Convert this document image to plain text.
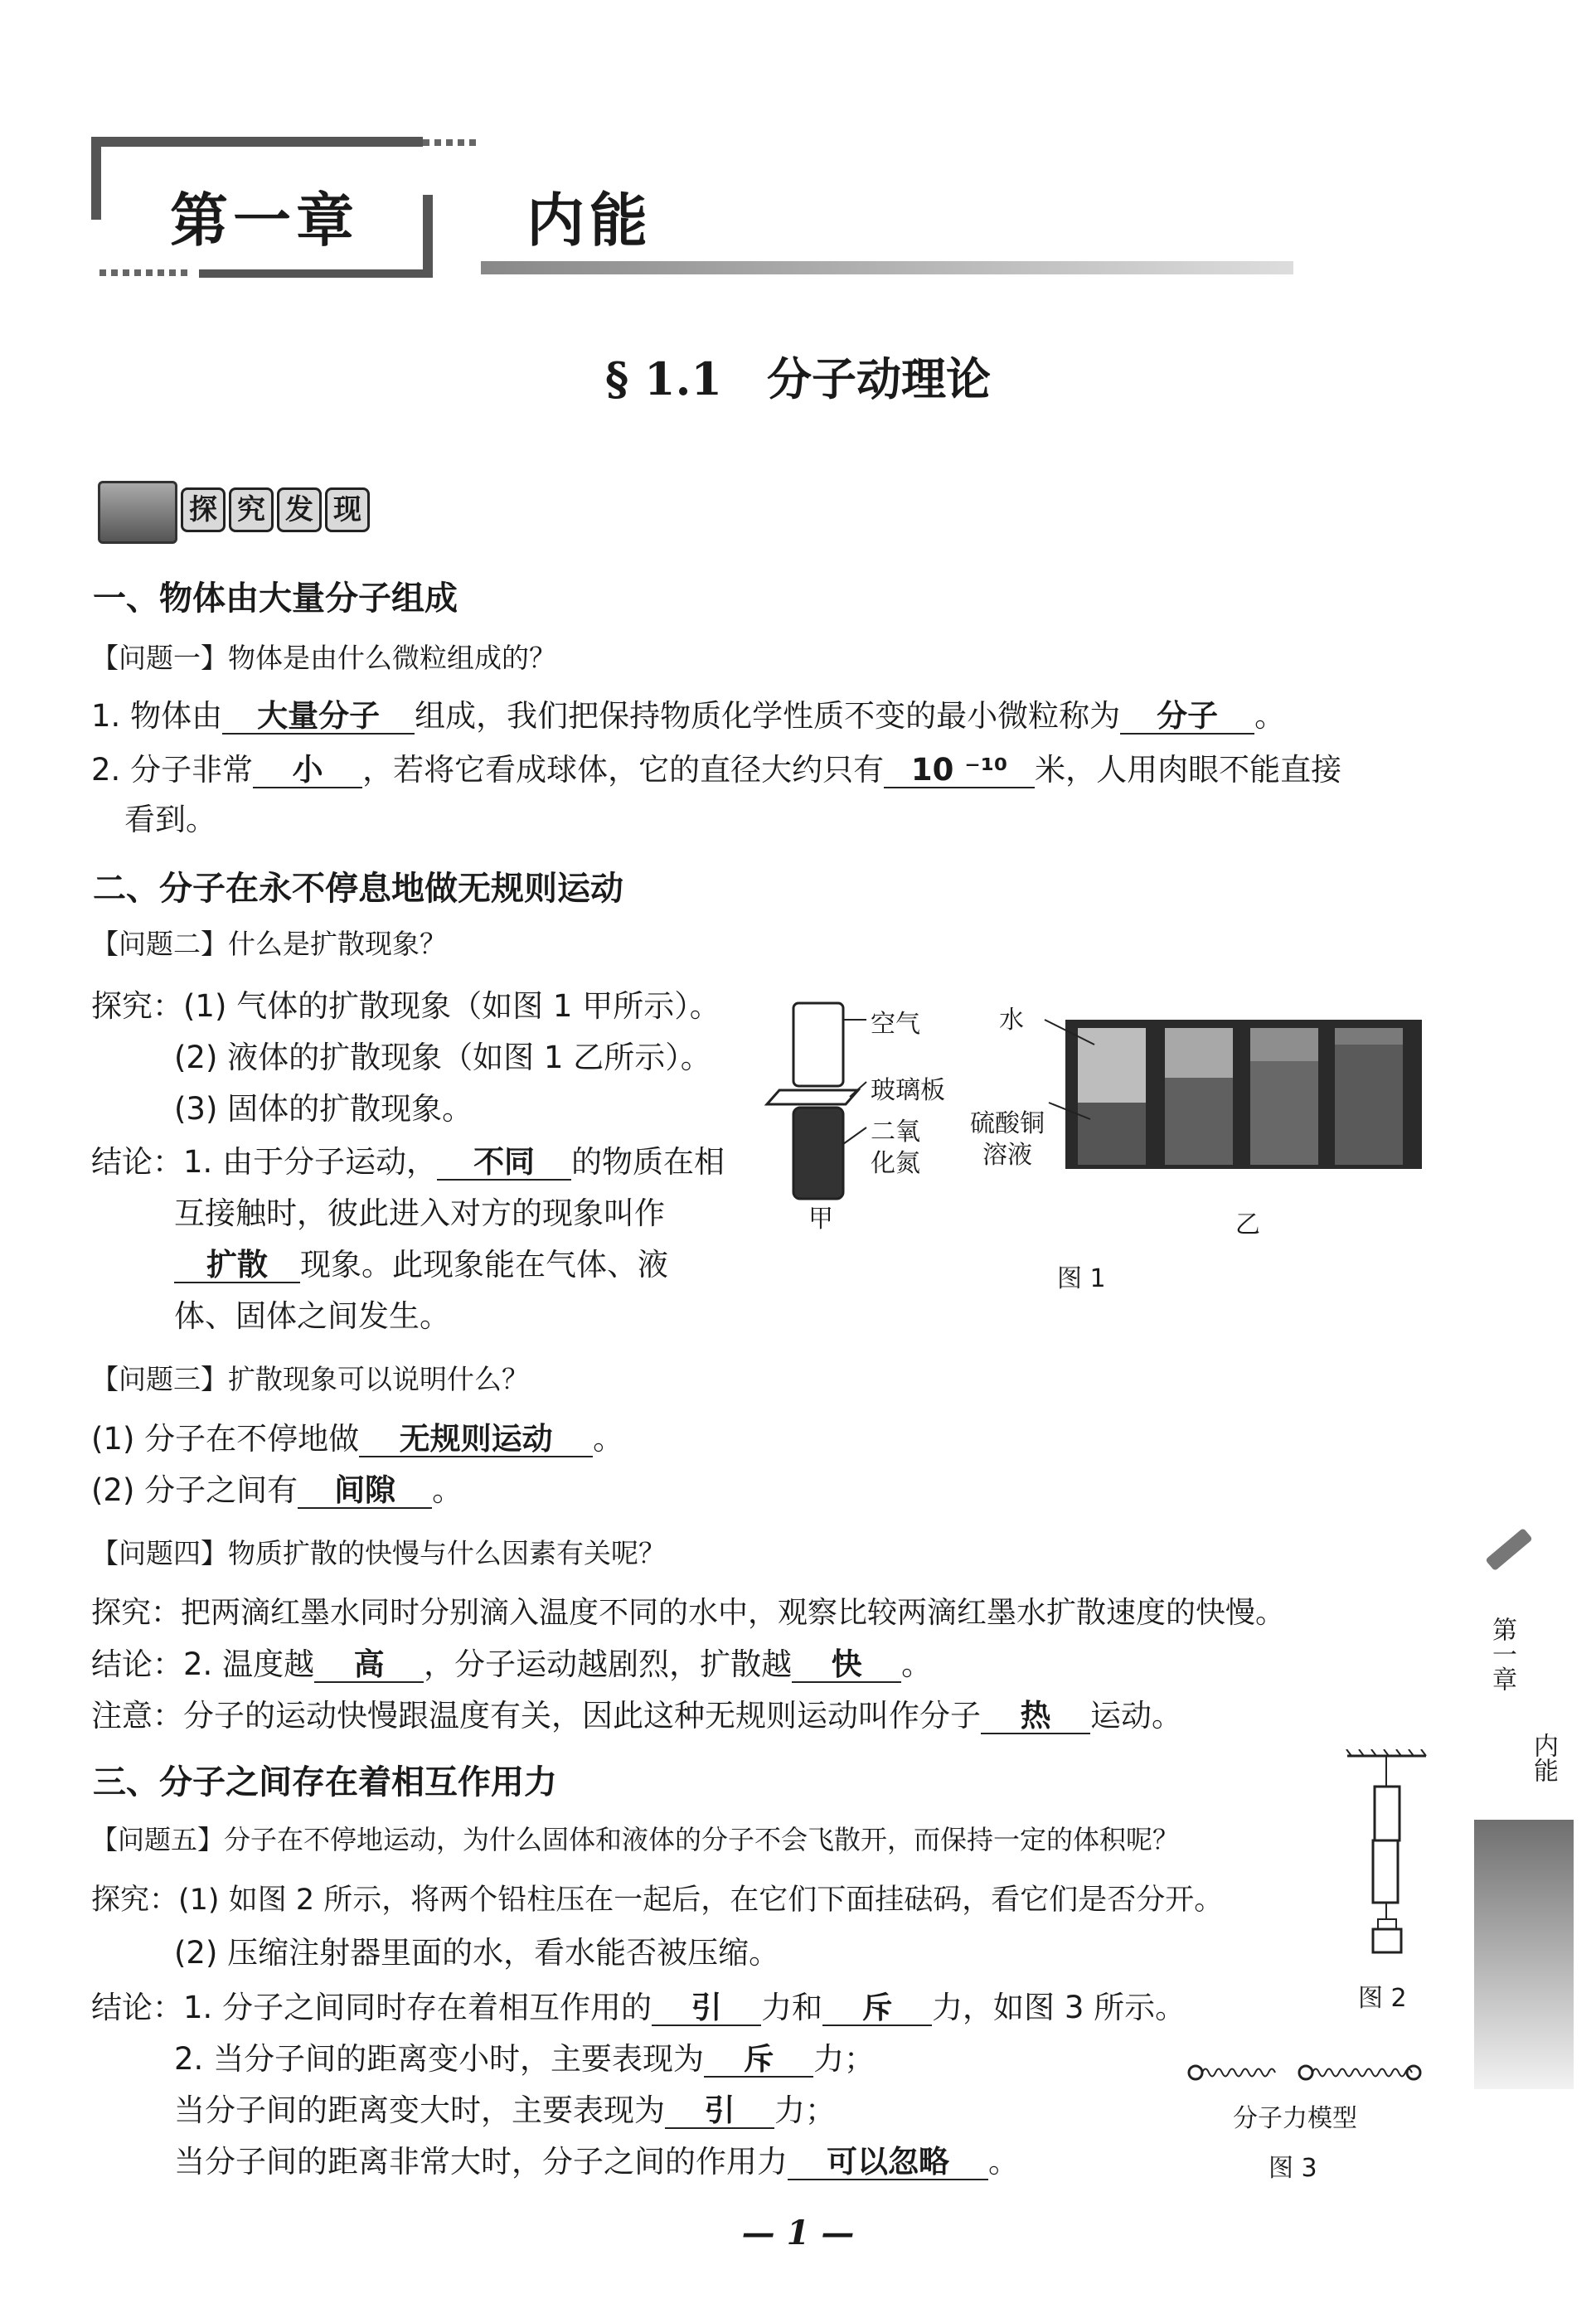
第一章	内能
§ 1.1　分子动理论
探 究 发 现
一、物体由大量分子组成
【问题一】物体是由什么微粒组成的？
1. 物体由 大量分子 组成，我们把保持物质化学性质不变的最小微粒称为 分子 。
2. 分子非常 小 ，若将它看成球体，它的直径大约只有 10 ⁻¹⁰ 米，人用肉眼不能直接
看到。
二、分子在永不停息地做无规则运动
【问题二】什么是扩散现象？
探究：(1) 气体的扩散现象（如图 1 甲所示）。
(2) 液体的扩散现象（如图 1 乙所示）。
(3) 固体的扩散现象。
结论：1. 由于分子运动， 不同 的物质在相
互接触时，彼此进入对方的现象叫作
扩散 现象。此现象能在气体、液
体、固体之间发生。
【问题三】扩散现象可以说明什么？
(1) 分子在不停地做 无规则运动 。
(2) 分子之间有 间隙 。
【问题四】物质扩散的快慢与什么因素有关呢？
探究：把两滴红墨水同时分别滴入温度不同的水中，观察比较两滴红墨水扩散速度的快慢。
结论：2. 温度越 高 ，分子运动越剧烈，扩散越 快 。
注意：分子的运动快慢跟温度有关，因此这种无规则运动叫作分子 热 运动。
空气
玻璃板
二氧
化氮
水
硫酸铜
溶液
甲	乙
图 1
三、分子之间存在着相互作用力
【问题五】分子在不停地运动，为什么固体和液体的分子不会飞散开，而保持一定的体积呢？
探究：(1) 如图 2 所示，将两个铅柱压在一起后，在它们下面挂砝码，看它们是否分开。
(2) 压缩注射器里面的水，看水能否被压缩。
结论：1. 分子之间同时存在着相互作用的 引 力和 斥 力，如图 3 所示。
2. 当分子间的距离变小时，主要表现为 斥 力；
当分子间的距离变大时，主要表现为 引 力；
当分子间的距离非常大时，分子之间的作用力 可以忽略 。
图 2
分子力模型
图 3
第一章
内能
— 1 —
